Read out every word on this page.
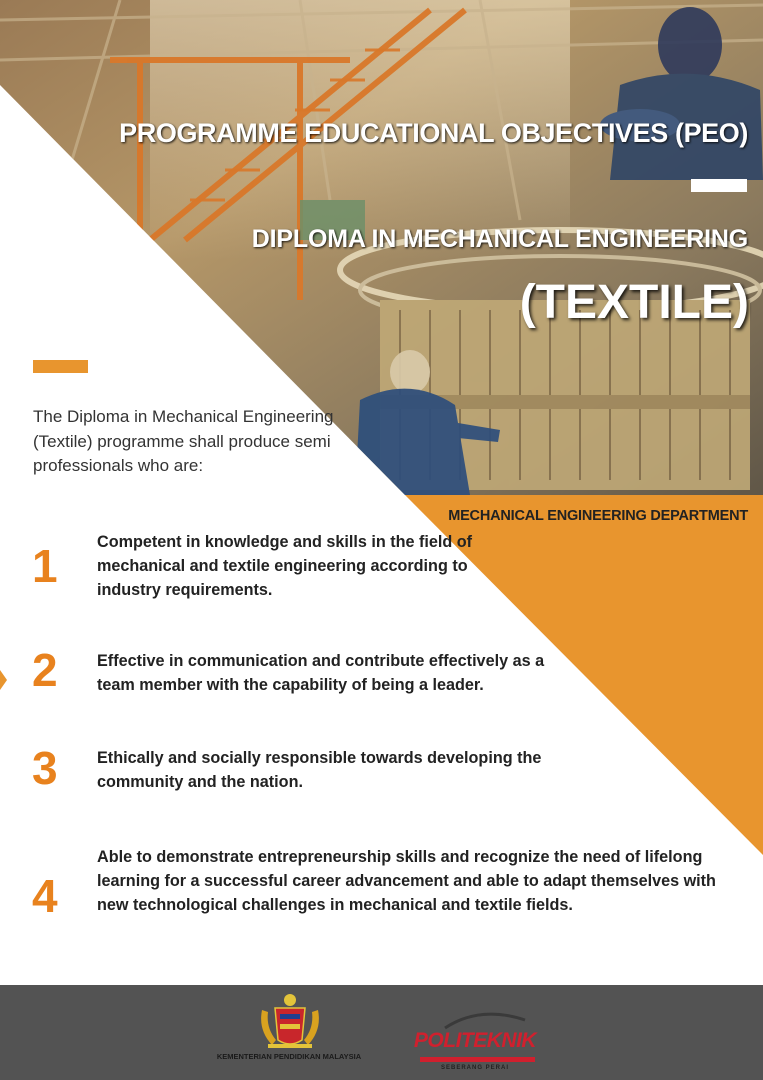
PROGRAMME EDUCATIONAL OBJECTIVES (PEO)
DIPLOMA IN MECHANICAL ENGINEERING
(TEXTILE)
The Diploma in Mechanical Engineering (Textile) programme shall produce semi professionals who are:
MECHANICAL ENGINEERING DEPARTMENT
1	Competent in knowledge and skills in the field of mechanical and textile engineering according to industry requirements.
2	Effective in communication and contribute effectively as a team member with the capability of being a leader.
3	Ethically and socially responsible towards developing the community and the nation.
4
Able to demonstrate entrepreneurship skills and recognize the need of lifelong learning for a successful career advancement and able to adapt themselves with new technological challenges in mechanical and textile fields.
KEMENTERIAN PENDIDIKAN MALAYSIA
POLITEKNIK
SEBERANG PERAI
